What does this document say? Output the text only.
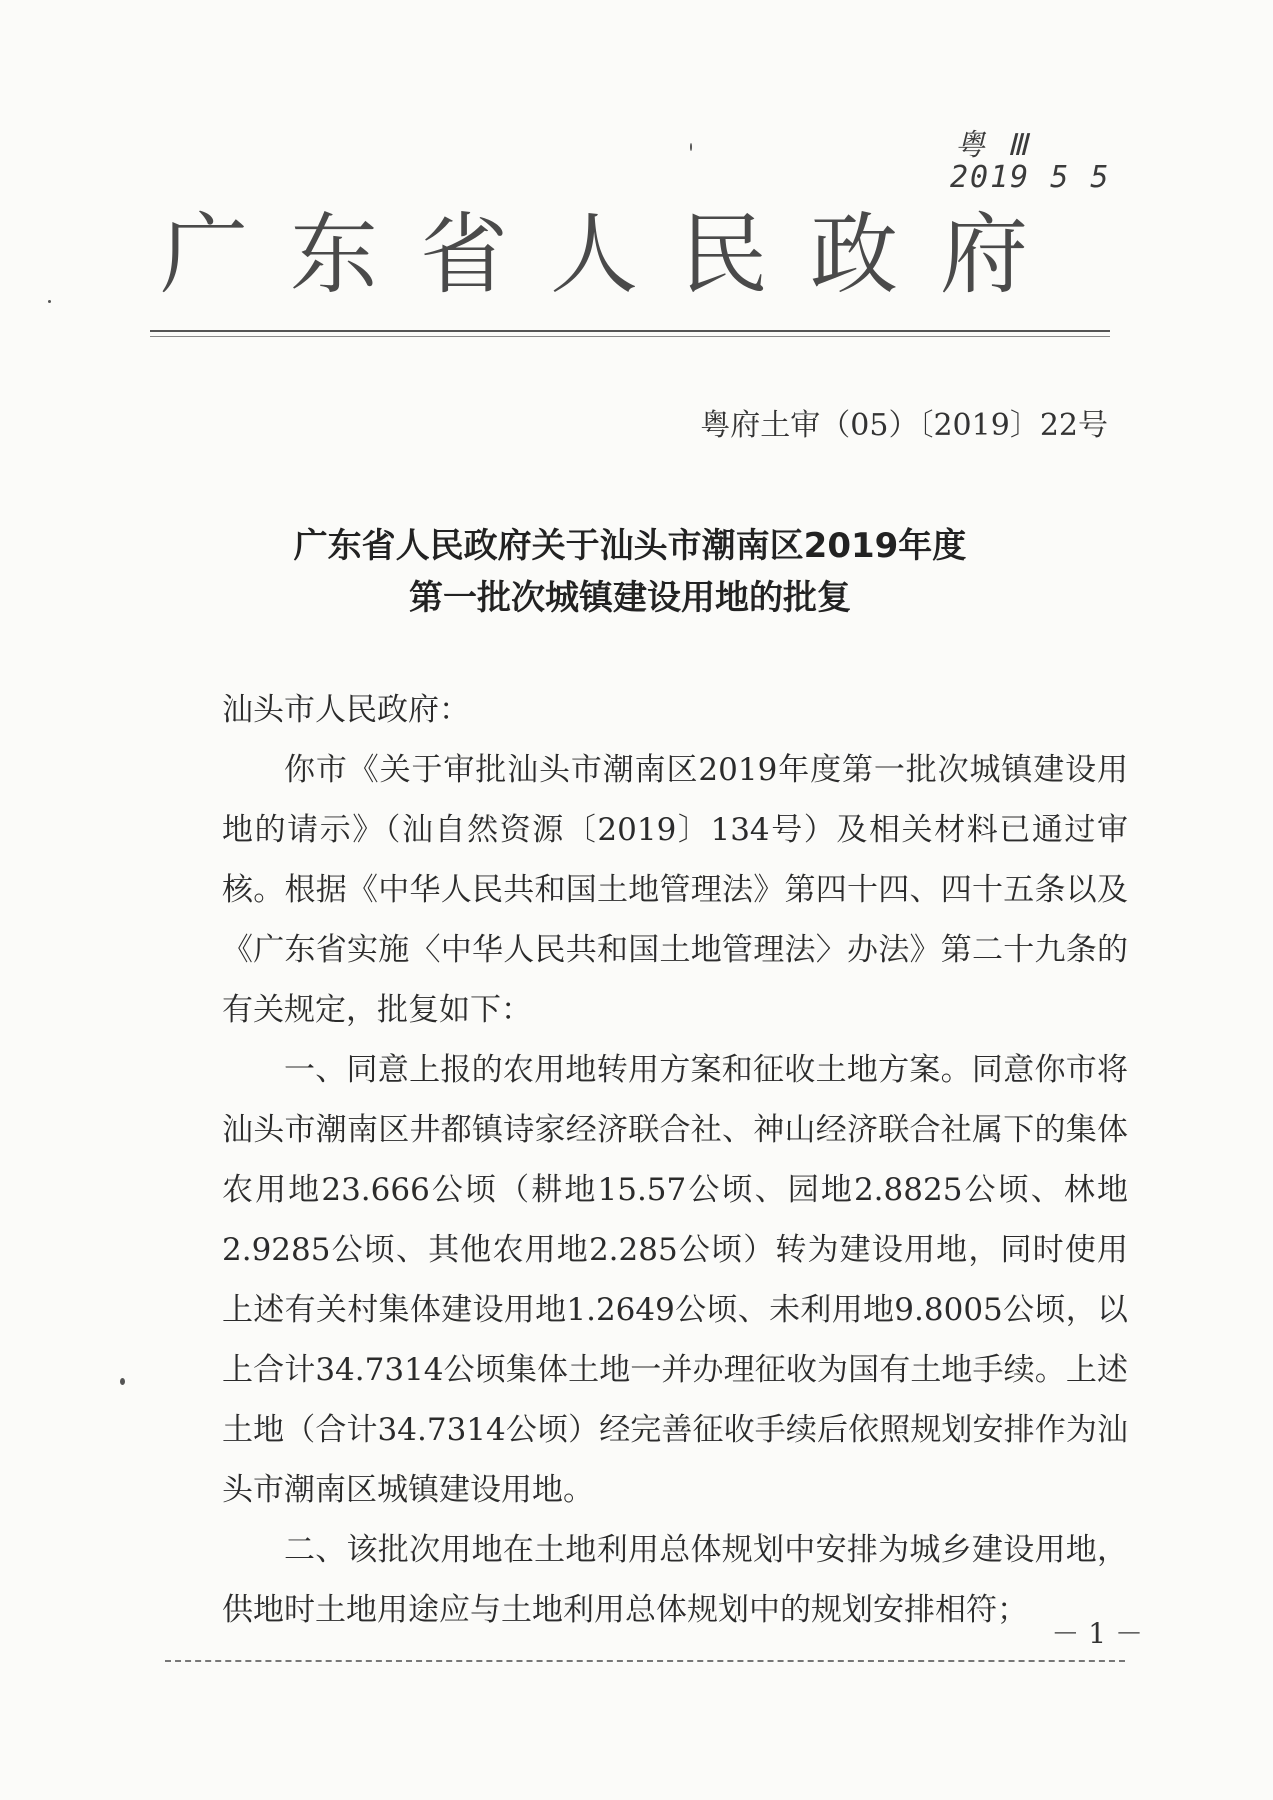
粤 Ⅲ
2019 5 5
广东省人民政府
粤府土审（05）〔2019〕22号
广东省人民政府关于汕头市潮南区2019年度
第一批次城镇建设用地的批复

汕头市人民政府：

你市《关于审批汕头市潮南区2019年度第一批次城镇建设用地的请示》（汕自然资源〔2019〕134号）及相关材料已通过审核。根据《中华人民共和国土地管理法》第四十四、四十五条以及《广东省实施〈中华人民共和国土地管理法〉办法》第二十九条的有关规定，批复如下：

一、同意上报的农用地转用方案和征收土地方案。同意你市将汕头市潮南区井都镇诗家经济联合社、神山经济联合社属下的集体农用地23.666公顷（耕地15.57公顷、园地2.8825公顷、林地2.9285公顷、其他农用地2.285公顷）转为建设用地，同时使用上述有关村集体建设用地1.2649公顷、未利用地9.8005公顷，以上合计34.7314公顷集体土地一并办理征收为国有土地手续。上述土地（合计34.7314公顷）经完善征收手续后依照规划安排作为汕头市潮南区城镇建设用地。

二、该批次用地在土地利用总体规划中安排为城乡建设用地，供地时土地用途应与土地利用总体规划中的规划安排相符；

－ 1 －
